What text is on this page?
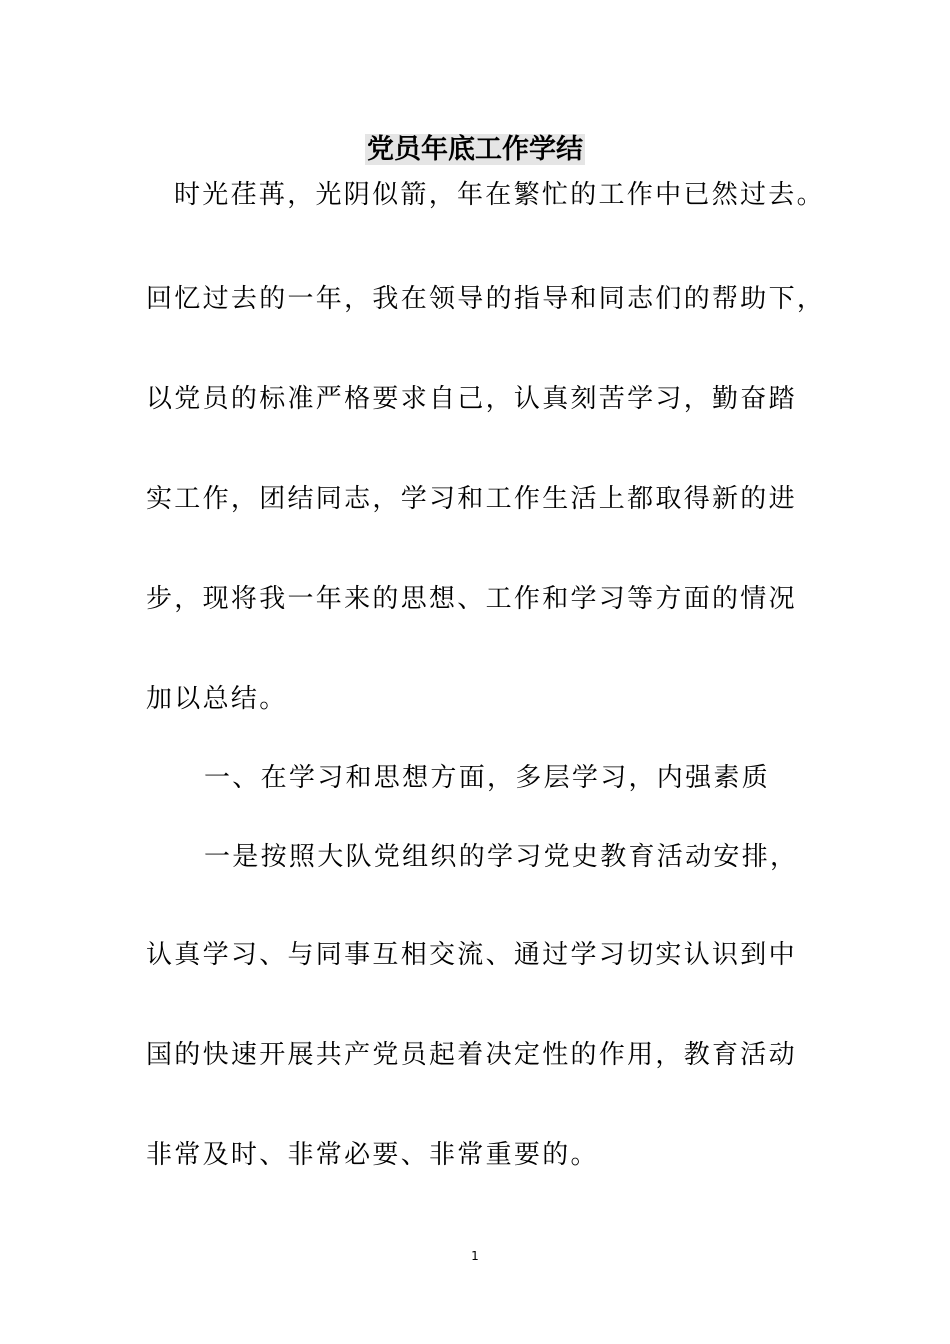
党员年底工作学结
时光荏苒，光阴似箭，年在繁忙的工作中已然过去。
回忆过去的一年，我在领导的指导和同志们的帮助下，
以党员的标准严格要求自己，认真刻苦学习，勤奋踏
实工作，团结同志，学习和工作生活上都取得新的进
步，现将我一年来的思想、工作和学习等方面的情况
加以总结。
一、在学习和思想方面，多层学习，内强素质
一是按照大队党组织的学习党史教育活动安排，
认真学习、与同事互相交流、通过学习切实认识到中
国的快速开展共产党员起着决定性的作用，教育活动
非常及时、非常必要、非常重要的。
1
